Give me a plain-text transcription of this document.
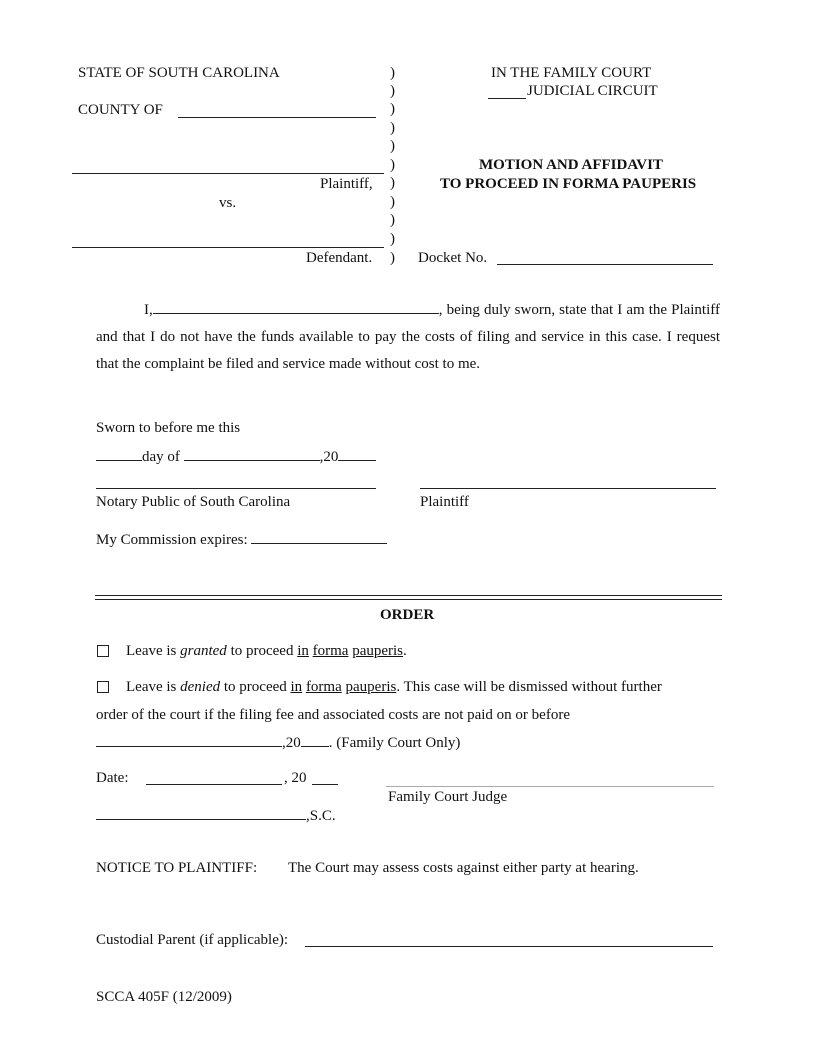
STATE OF SOUTH CAROLINA
COUNTY OF
Plaintiff,
vs.
Defendant.
)
)
)
)
)
)
)
)
)
)
)
IN THE FAMILY COURT
JUDICIAL CIRCUIT
MOTION AND AFFIDAVIT
TO PROCEED IN FORMA PAUPERIS
Docket No.
I,	, being duly sworn, state that I am the Plaintiff and that I do not have the funds available to pay the costs of filing and service in this case. I request that the complaint be filed and service made without cost to me.
Sworn to before me this
day of	,20
Notary Public of South Carolina	Plaintiff
My Commission expires:
ORDER
Leave is granted to proceed in forma pauperis.
Leave is denied to proceed in forma pauperis. This case will be dismissed without further
order of the court if the filing fee and associated costs are not paid on or before
,20 . (Family Court Only)
Date:	, 20
Family Court Judge
,S.C.
NOTICE TO PLAINTIFF: The Court may assess costs against either party at hearing.
Custodial Parent (if applicable):
SCCA 405F (12/2009)
